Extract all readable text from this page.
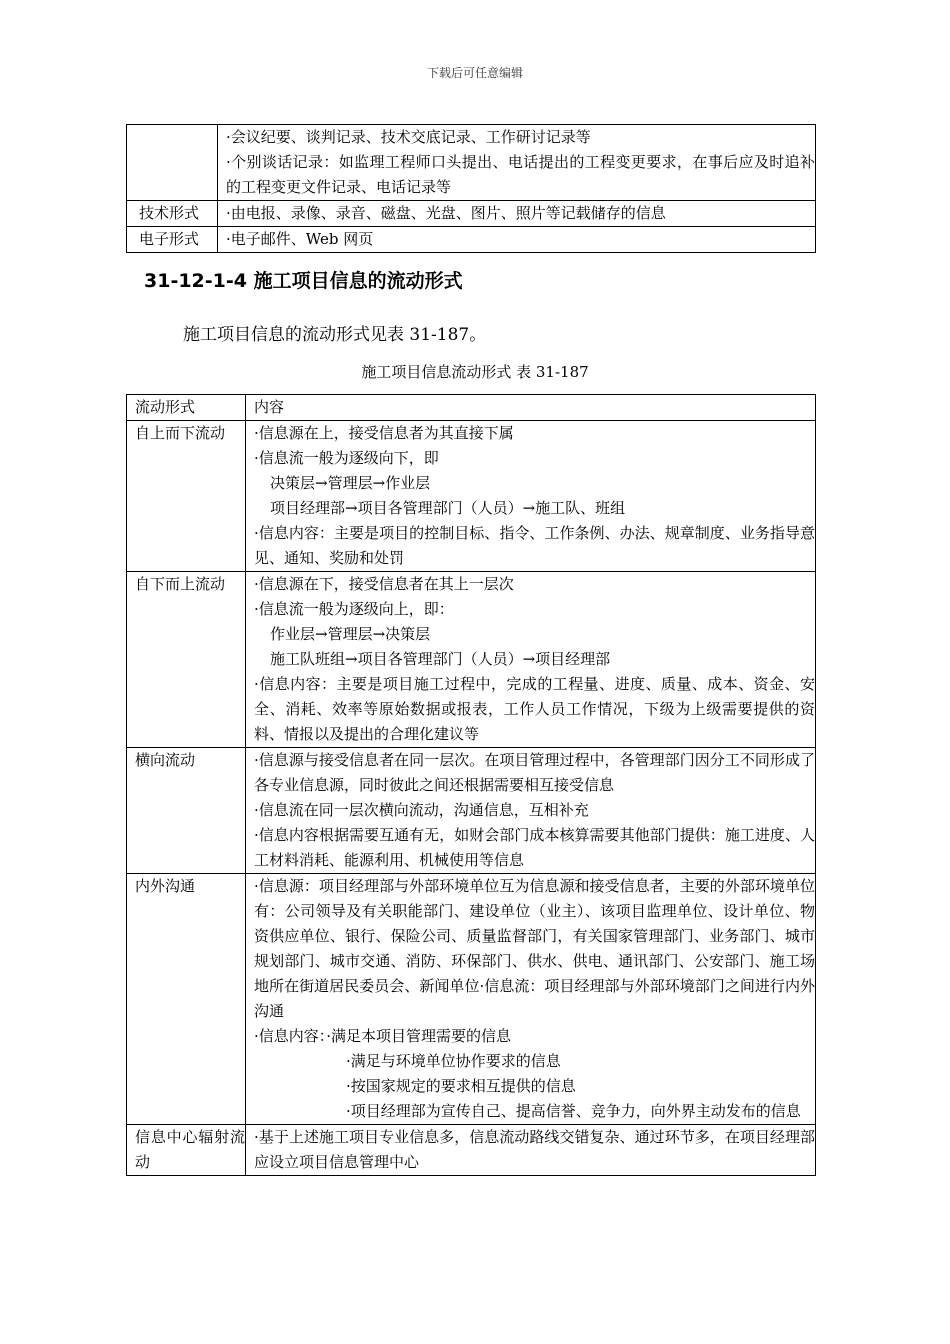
下载后可任意编辑

	·会议纪要、谈判记录、技术交底记录、工作研讨记录等
·个别谈话记录：如监理工程师口头提出、电话提出的工程变更要求，在事后应及时追补的工程变更文件记录、电话记录等

技术形式	·由电报、录像、录音、磁盘、光盘、图片、照片等记载储存的信息

电子形式	·电子邮件、Web 网页
31-12-1-4 施工项目信息的流动形式

施工项目信息的流动形式见表 31-187。

施工项目信息流动形式 表 31-187

流动形式	内容
自上而下流动	·信息源在上，接受信息者为其直接下属
·信息流一般为逐级向下，即
决策层→管理层→作业层
项目经理部→项目各管理部门（人员）→施工队、班组
·信息内容：主要是项目的控制目标、指令、工作条例、办法、规章制度、业务指导意见、通知、奖励和处罚

自下而上流动	·信息源在下，接受信息者在其上一层次
·信息流一般为逐级向上，即：
作业层→管理层→决策层
施工队班组→项目各管理部门（人员）→项目经理部
·信息内容：主要是项目施工过程中，完成的工程量、进度、质量、成本、资金、安全、消耗、效率等原始数据或报表，工作人员工作情况，下级为上级需要提供的资料、情报以及提出的合理化建议等

横向流动	·信息源与接受信息者在同一层次。在项目管理过程中，各管理部门因分工不同形成了各专业信息源，同时彼此之间还根据需要相互接受信息
·信息流在同一层次横向流动，沟通信息，互相补充
·信息内容根据需要互通有无，如财会部门成本核算需要其他部门提供：施工进度、人工材料消耗、能源利用、机械使用等信息

内外沟通	·信息源：项目经理部与外部环境单位互为信息源和接受信息者，主要的外部环境单位有：公司领导及有关职能部门、建设单位（业主）、该项目监理单位、设计单位、物资供应单位、银行、保险公司、质量监督部门，有关国家管理部门、业务部门、城市规划部门、城市交通、消防、环保部门、供水、供电、通讯部门、公安部门、施工场地所在街道居民委员会、新闻单位·信息流：项目经理部与外部环境部门之间进行内外沟通
·信息内容：·满足本项目管理需要的信息
·满足与环境单位协作要求的信息
·按国家规定的要求相互提供的信息
·项目经理部为宣传自己、提高信誉、竞争力，向外界主动发布的信息

信息中心辐射流动	·基于上述施工项目专业信息多，信息流动路线交错复杂、通过环节多，在项目经理部应设立项目信息管理中心
